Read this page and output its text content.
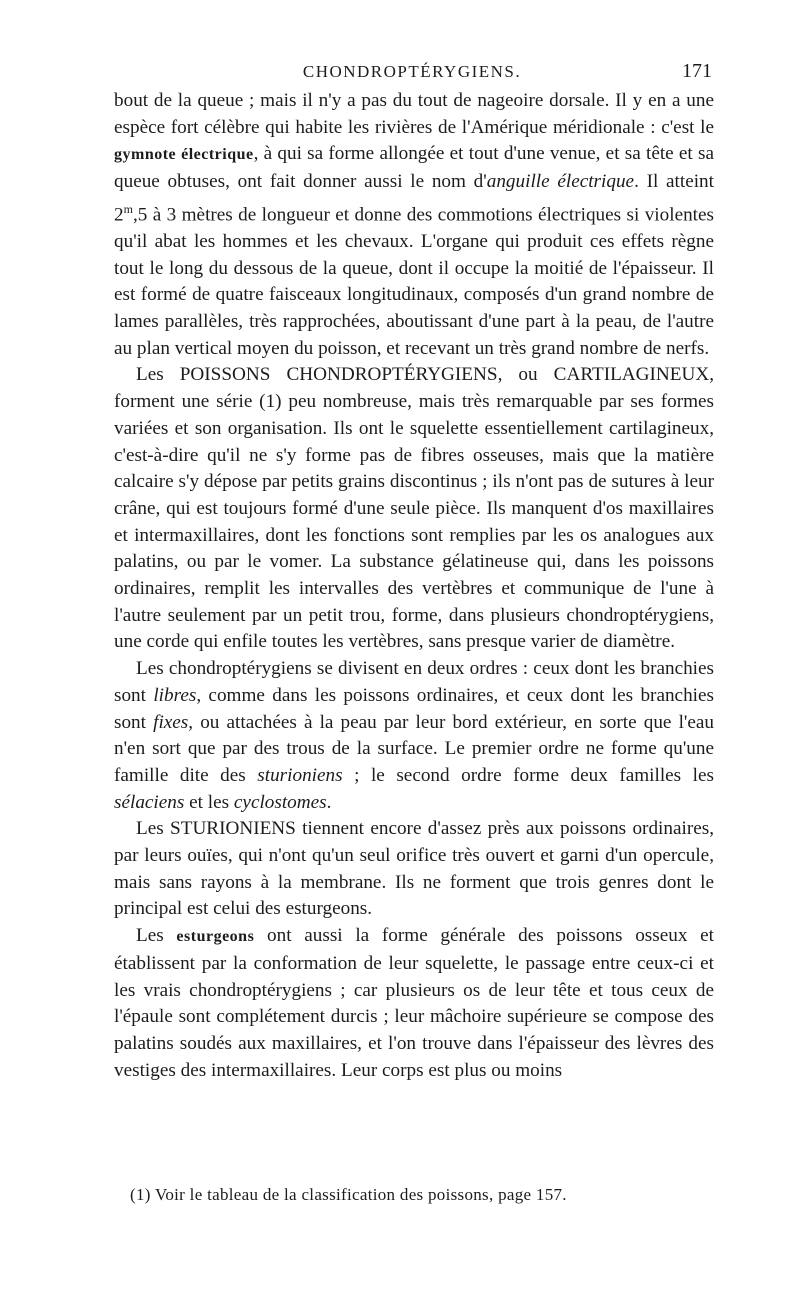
CHONDROPTÉRYGIENS.	171

bout de la queue ; mais il n'y a pas du tout de nageoire dorsale. Il y en a une espèce fort célèbre qui habite les rivières de l'Amérique méridionale : c'est le gymnote électrique, à qui sa forme allongée et tout d'une venue, et sa tête et sa queue obtuses, ont fait donner aussi le nom d'anguille électrique. Il atteint 2$^m$,5 à 3 mètres de longueur et donne des commotions électriques si violentes qu'il abat les hommes et les chevaux. L'organe qui produit ces effets règne tout le long du dessous de la queue, dont il occupe la moitié de l'épaisseur. Il est formé de quatre faisceaux longitudinaux, composés d'un grand nombre de lames parallèles, très rapprochées, aboutissant d'une part à la peau, de l'autre au plan vertical moyen du poisson, et recevant un très grand nombre de nerfs.

Les POISSONS CHONDROPTÉRYGIENS, ou CARTILAGINEUX, forment une série (1) peu nombreuse, mais très remarquable par ses formes variées et son organisation. Ils ont le squelette essentiellement cartilagineux, c'est-à-dire qu'il ne s'y forme pas de fibres osseuses, mais que la matière calcaire s'y dépose par petits grains discontinus ; ils n'ont pas de sutures à leur crâne, qui est toujours formé d'une seule pièce. Ils manquent d'os maxillaires et intermaxillaires, dont les fonctions sont remplies par les os analogues aux palatins, ou par le vomer. La substance gélatineuse qui, dans les poissons ordinaires, remplit les intervalles des vertèbres et communique de l'une à l'autre seulement par un petit trou, forme, dans plusieurs chondroptérygiens, une corde qui enfile toutes les vertèbres, sans presque varier de diamètre.

Les chondroptérygiens se divisent en deux ordres : ceux dont les branchies sont libres, comme dans les poissons ordinaires, et ceux dont les branchies sont fixes, ou attachées à la peau par leur bord extérieur, en sorte que l'eau n'en sort que par des trous de la surface. Le premier ordre ne forme qu'une famille dite des sturioniens ; le second ordre forme deux familles les sélaciens et les cyclostomes.

Les STURIONIENS tiennent encore d'assez près aux poissons ordinaires, par leurs ouïes, qui n'ont qu'un seul orifice très ouvert et garni d'un opercule, mais sans rayons à la membrane. Ils ne forment que trois genres dont le principal est celui des esturgeons.

Les esturgeons ont aussi la forme générale des poissons osseux et établissent par la conformation de leur squelette, le passage entre ceux-ci et les vrais chondroptérygiens ; car plusieurs os de leur tête et tous ceux de l'épaule sont complétement durcis ; leur mâchoire supérieure se compose des palatins soudés aux maxillaires, et l'on trouve dans l'épaisseur des lèvres des vestiges des intermaxillaires. Leur corps est plus ou moins

(1) Voir le tableau de la classification des poissons, page 157.
